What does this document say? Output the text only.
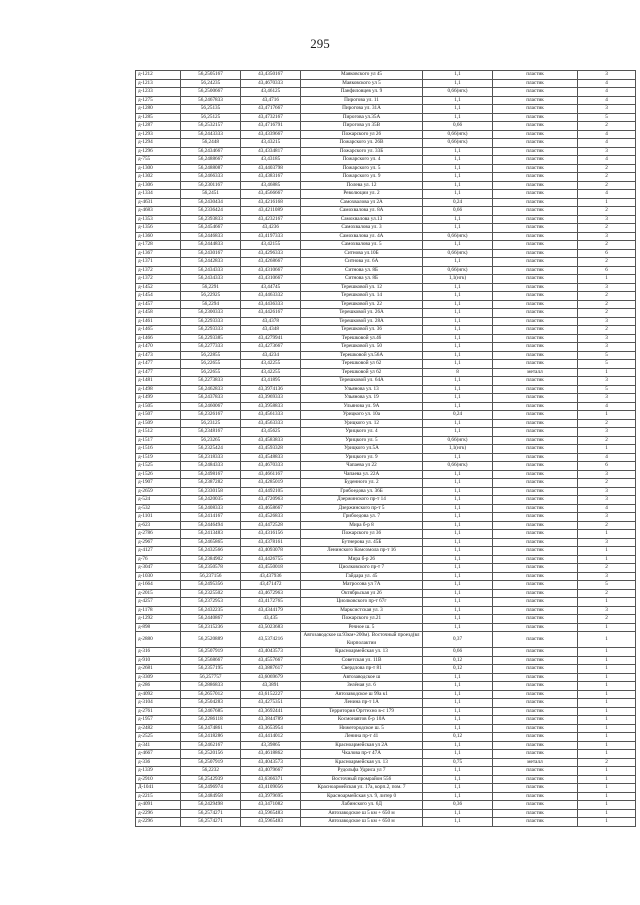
295
д-1212	56,2505167	43,4350167	Маяковского ул 45	1,1	пластик	3
д-1213	56,24235	43,4670333	Маяковского ул 5	1,1	пластик	4
д-1233	56,2500667	43,46125	Панфиловцев ул. 9	0,66(нгк)	пластик	4
д-1275	56,2467833	43,4716	Пирогова ул. 11	1,1	пластик	4
д-1280	56,25135	43,4717667	Пирогова ул. 31А	1,1	пластик	3
д-1285	56,25125	43,4732167	Пирогова ул.35А	1,1	пластик	5
д-1287	56,2532157	43,4716791	Пирогова ул 35В	0,66	пластик	2
д-1293	56,2443333	43,4339667	Пожарского ул 26	0,66(нгк)	пластик	4
д-1294	56,2448	43,43215	Пожарского ул. 26В	0,66(нгк)	пластик	4
д-1296	56,2434667	43,4334817	Пожарского ул. 33Б	1,1	пластик	3
д-755	56,2488667	43,43185	Пожарского ул. 4	1,1	пластик	4
д-1300	56,2488087	43,4403798	Пожарского ул. 5	1,1	пластик	2
д-1302	56,2466333	43,4383167	Пожарского ул. 9	1,1	пластик	2
д-1306	56,2301167	43,46885	Полева ул. 12	1,1	пластик	2
д-1334	56,2451	43,4566667	Революции ул. 2	1,1	пластик	4
д-4631	56,2430434	43,4216168	Самохвалова ул 2А	0,24	пластик	1
д-4683	56,2336424	43,4211089	Самохвалова ул. 8А	0,66	пластик	2
д-1353	56,2393833	43,4232167	Самохвалова ул.13	1,1	пластик	3
д-1356	56,2454667	43,4236	Самохвалова ул. 3	1,1	пластик	2
д-1360	56,2446833	43,4197333	Самохвалова ул. 4А	0,66(нгк)	пластик	3
д-1728	56,2444833	43,42155	Самохвалова ул. 5	1,1	пластик	2
д-1367	56,2430167	43,4296333	Ситнова ул.10Б	0,66(нгк)	пластик	6
д-1371	56,2442833	43,4268667	Ситнова ул. 6А	1,1	пластик	2
д-1372	56,2434333	43,4310667	Ситнова ул. 8Б	0,66(нгк)	пластик	6
д-1372	56,2434333	43,4310667	Ситнова ул. 8Б	1,1(нгк)	пластик	1
д-1452	56,2291	43,44745	Терешковой ул. 12	1,1	пластик	3
д-1454	56,22925	43,4463332	Терешковой ул. 14	1,1	пластик	2
д-1457	56,2294	43,4436333	Терешковой ул. 22	1,1	пластик	2
д-1458	56,2300333	43,4426167	Терешковой ул. 26А	1,1	пластик	2
д-1461	56,2293333	43,4378	Терешковой ул. 28А	1,1	пластик	3
д-1465	56,2293333	43,4348	Терешковой ул. 36	1,1	пластик	2
д-1466	56,2293385	43,4279941	Терешковой ул.46	1,1	пластик	3
д-1470	56,2277333	43,4273667	Терешковой ул. 50	1,1	пластик	3
д-1473	56,22855	43,4234	Терешковой ул.56А	1,1	пластик	5
д-1477	56,22655	43,42255	Терешковой ул 62	1,1	пластик	5
д-1477	56,22655	43,42255	Терешковой ул 62	8	металл	1
д-1481	56,2273833	43,41895	Терешковой ул. 64А	1,1	пластик	3
д-1498	56,2462833	43,3974136	Ульянова ул. 13	1,1	пластик	5
д-1499	56,2437833	43,3969333	Ульянова ул. 19	1,1	пластик	3
д-1505	56,2460067	43,3958833	Ульянова ул. 9А	1,1	пластик	4
д-1507	56,2326167	43,4561333	Урицкого ул. 10а	0,24	пластик	1
д-1509	56,23125	43,4563333	Урицкого ул. 12	1,1	пластик	2
д-1512	56,2348167	43,45625	Урицкого ул. 4	1,1	пластик	3
д-1517	56,23265	43,4583833	Урицкого ул. 5	0,66(нгк)	пластик	2
д-1516	56,2325424	43,4593328	Урицкого ул.5А	1,1(нгк)	пластик	1
д-1519	56,2318333	43,4548833	Урицкого ул. 9	1,1	пластик	4
д-1525	56,2484333	43,4670333	Чапаева ул 22	0,66(нгк)	пластик	6
д-1526	56,2498167	43,4661167	Чапаева ул. 22А	1,1	пластик	3
д-1907	56,2387282	43,4285019	Буденного ул. 2	1,1	пластик	2
д-2659	56,2330158	43,4492105	Грибоедова ул. 36Б	1,1	пластик	3
д-524	56,2420035	43,4720963	Дзержинского пр-т 14	1,1	пластик	3
д-532	56,2408333	43,4658667	Дзержинского пр-т 5	1,1	пластик	4
д-1101	56,2414167	43,4526833	Грибоедова ул. 7	1,1	пластик	3
д-623	56,2446494	43,4472528	Мира б-р 8	1,1	пластик	2
д-2786	56,2413483	43,4316156	Пожарского ул 36	1,1	пластик	1
д-2967	56,2465865	43,4378161	Бутнерова ул. 45Б	1,1	пластик	3
д-4127	56,2432566	43,4093078	Ленинского Комсомола пр-т 16	1,1	пластик	1
д-76	56,2384902	43,4426755	Мира б-р 26	1,1	пластик	1
д-3047	56,2350578	43,4550018	Циолковского пр-т 7	1,1	пластик	2
д-1030	56,237156	43,437936	Гайдара ул. 45	1,1	пластик	3
д-1664	56,2495356	43,471472	Матросова ул 7А	1,1	пластик	5
д-2015	56,2325502	43,4672963	Октябрьская ул 26	1,1	пластик	2
д-4257	56,2372953	43,4172765	Циолковского пр-т 67г	1,1	пластик	1
д-1178	56,2432235	43,4344179	Марксистская ул. 3	1,1	пластик	3
д-1292	56,2440867	43,435	Пожарского ул.21	1,1	пластик	2
д-898	56,2315236	43,5023683	Речное ш. 5	1,1	пластик	1
д-2880	56,2520889	43,5374216	Автозаводское ш.93км+200м). Восточный проезд(вл Кирполактии	0,37	пластик	1
д-316	56,2507919	43,4043573	Красноармейская ул. 13	0,66	пластик	1
д-910	56,2568667	43,4557667	Советская ул. 11В	0,12	пластик	1
д-2681	56,2357195	43,3887617	Свердлова пр-т 81	0,12	пластик	1
д-3309	56,257757	43,6069679	Автозаводское ш	1,1	пластик	1
д-286	56,2886833	43,3891	Зелёная ул. 6	1,1	пластик	1
д-4092	56,2657012	43,6152227	Автозаводское ш 99а к1	1,1	пластик	1
д-3104	56,2504283	43,4275351	Ленина пр-т 1А	1,1	пластик	1
д-2761	56,2467685	43,3692441	Территория Оргтехно в-с 179	1,1	пластик	1
д-1957	56,2286118	43,3844789	Космонавтов б-р 10А	1,1	пластик	1
д-2482	56,2474861	43,3653954	Нижегородское ш. 5	1,1	пластик	1
д-2525	56,2418286	43,4414012	Ленина пр-т 41	0,12	пластик	1
д-341	56,2462167	43,39865	Красноармейская ул 2А	1,1	пластик	1
д-4667	56,2520156	43,4618862	Чкалова пр-т 47А	1,1	пластик	1
д-336	56,2507919	43,4043573	Красноармейская ул. 13	0,75	металл	2
д-1339	56,2232	43,4079667	Рудольфа Удриса ул 7	1,1	пластик	1
д-2910	56,2542939	43,6366371	Восточный промрайон 556	1,1	пластик	1
Д-1041	56,2496974	43,4109056	Красноармейская ул. 17а, корп.2, пом. 7	1,1	пластик	1
д-2215	56,2484958	43,3979695	Красноармейская ул. 9, литер 0	1,1	пластик	1
д-4091	56,2429498	43,3471082	Лабинского ул. 6Д	0,36	пластик	1
д-2296	56,2574271	43,5965483	Автозаводское ш 5 км + 650 м	1,1	пластик	1
д-2296	56,2574271	43,5965483	Автозаводское ш 5 км + 650 м	1,1	пластик	1
